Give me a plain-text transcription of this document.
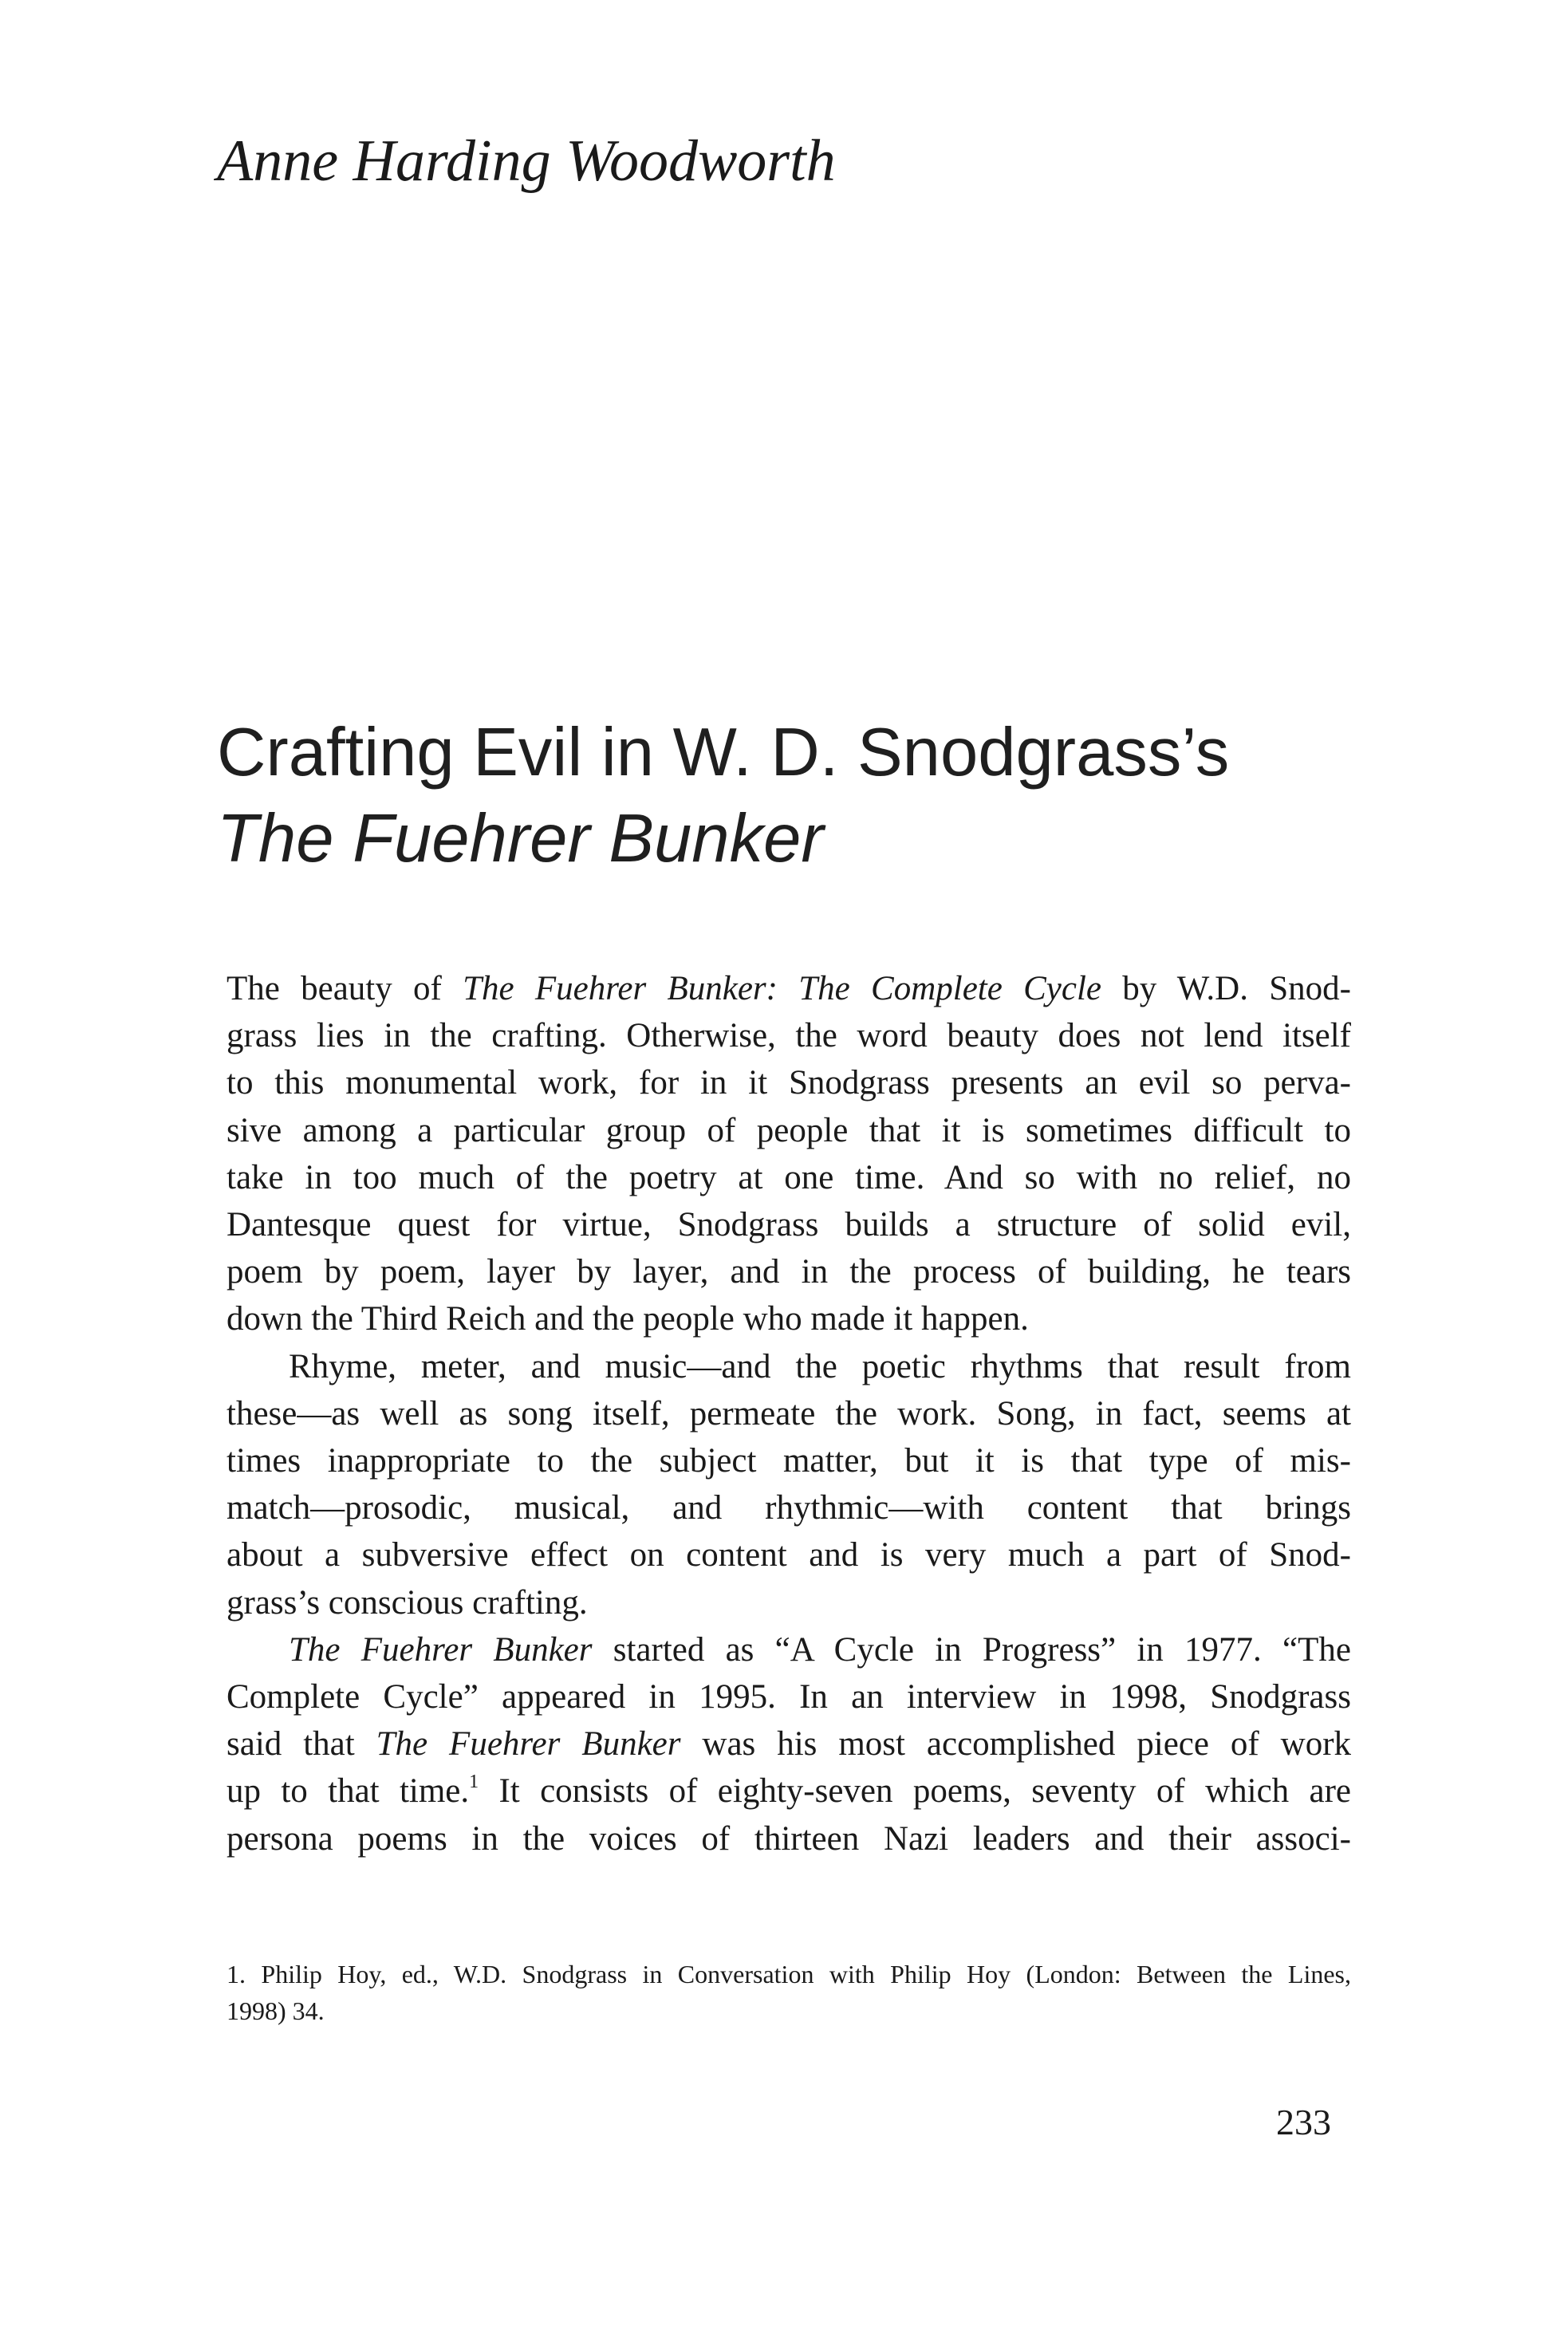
Anne Harding Woodworth
Crafting Evil in W. D. Snodgrass’s
The Fuehrer Bunker
The beauty of The Fuehrer Bunker: The Complete Cycle by W.D. Snod-
grass lies in the crafting. Otherwise, the word beauty does not lend itself
to this monumental work, for in it Snodgrass presents an evil so perva-
sive among a particular group of people that it is sometimes difficult to
take in too much of the poetry at one time. And so with no relief, no
Dantesque quest for virtue, Snodgrass builds a structure of solid evil,
poem by poem, layer by layer, and in the process of building, he tears
down the Third Reich and the people who made it happen.
Rhyme, meter, and music—and the poetic rhythms that result from
these—as well as song itself, permeate the work. Song, in fact, seems at
times inappropriate to the subject matter, but it is that type of mis-
match—prosodic, musical, and rhythmic—with content that brings
about a subversive effect on content and is very much a part of Snod-
grass’s conscious crafting.
The Fuehrer Bunker started as “A Cycle in Progress” in 1977. “The
Complete Cycle” appeared in 1995. In an interview in 1998, Snodgrass
said that The Fuehrer Bunker was his most accomplished piece of work
up to that time.$^1$ It consists of eighty-seven poems, seventy of which are
persona poems in the voices of thirteen Nazi leaders and their associ-
1. Philip Hoy, ed., W.D. Snodgrass in Conversation with Philip Hoy (London: Between the Lines,
1998) 34.
233
